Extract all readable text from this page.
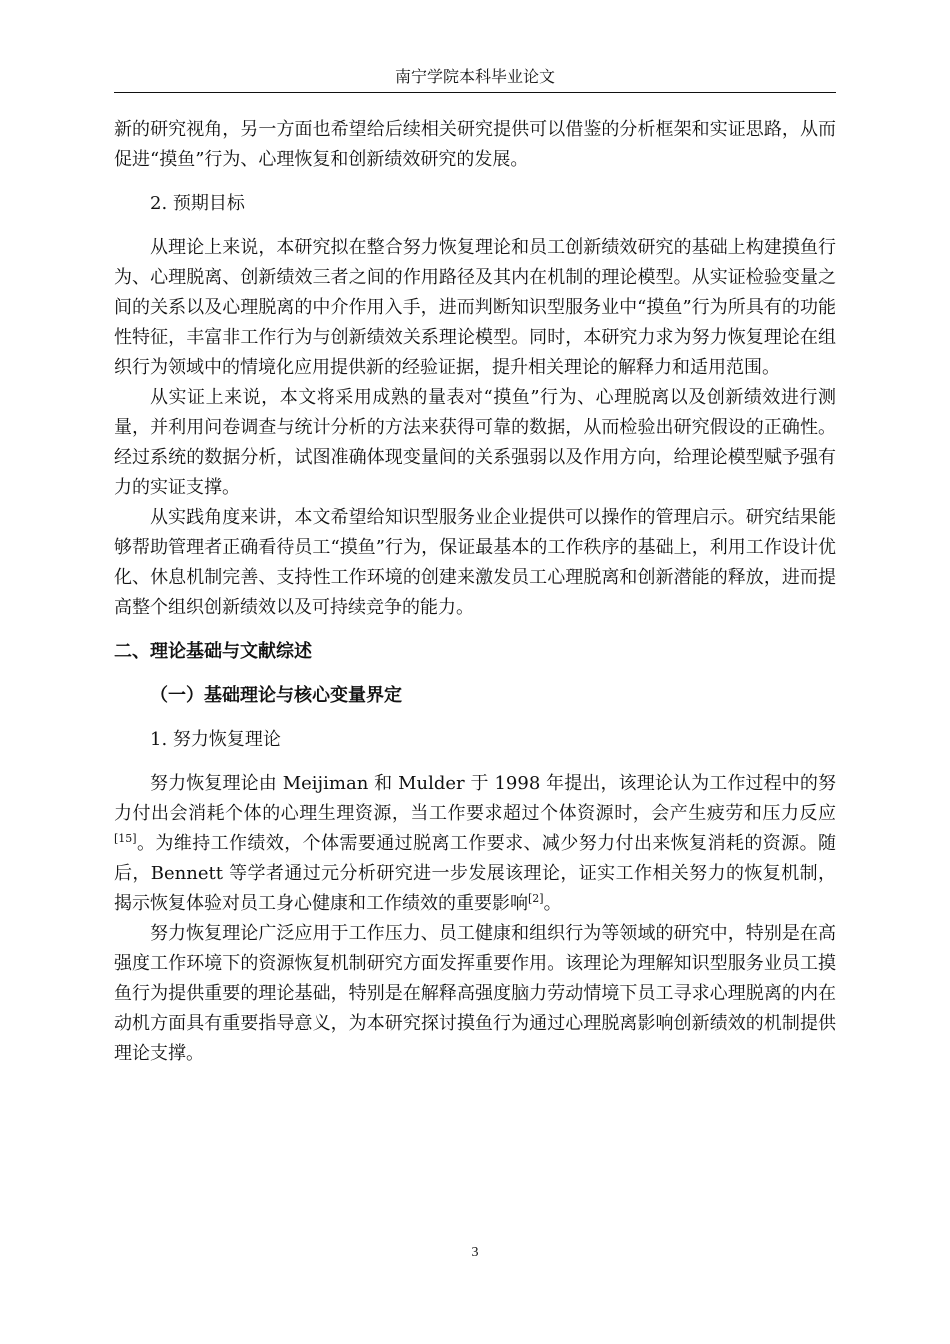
南宁学院本科毕业论文

新的研究视角，另一方面也希望给后续相关研究提供可以借鉴的分析框架和实证思路，从而促进“摸鱼”行为、心理恢复和创新绩效研究的发展。

2. 预期目标

从理论上来说，本研究拟在整合努力恢复理论和员工创新绩效研究的基础上构建摸鱼行为、心理脱离、创新绩效三者之间的作用路径及其内在机制的理论模型。从实证检验变量之间的关系以及心理脱离的中介作用入手，进而判断知识型服务业中“摸鱼”行为所具有的功能性特征，丰富非工作行为与创新绩效关系理论模型。同时，本研究力求为努力恢复理论在组织行为领域中的情境化应用提供新的经验证据，提升相关理论的解释力和适用范围。

从实证上来说，本文将采用成熟的量表对“摸鱼”行为、心理脱离以及创新绩效进行测量，并利用问卷调查与统计分析的方法来获得可靠的数据，从而检验出研究假设的正确性。经过系统的数据分析，试图准确体现变量间的关系强弱以及作用方向，给理论模型赋予强有力的实证支撑。

从实践角度来讲，本文希望给知识型服务业企业提供可以操作的管理启示。研究结果能够帮助管理者正确看待员工“摸鱼”行为，保证最基本的工作秩序的基础上，利用工作设计优化、休息机制完善、支持性工作环境的创建来激发员工心理脱离和创新潜能的释放，进而提高整个组织创新绩效以及可持续竞争的能力。

二、理论基础与文献综述

（一）基础理论与核心变量界定

1. 努力恢复理论

努力恢复理论由 Meijiman 和 Mulder 于 1998 年提出，该理论认为工作过程中的努力付出会消耗个体的心理生理资源，当工作要求超过个体资源时，会产生疲劳和压力反应[15]。为维持工作绩效，个体需要通过脱离工作要求、减少努力付出来恢复消耗的资源。随后，Bennett 等学者通过元分析研究进一步发展该理论，证实工作相关努力的恢复机制，揭示恢复体验对员工身心健康和工作绩效的重要影响[2]。

努力恢复理论广泛应用于工作压力、员工健康和组织行为等领域的研究中，特别是在高强度工作环境下的资源恢复机制研究方面发挥重要作用。该理论为理解知识型服务业员工摸鱼行为提供重要的理论基础，特别是在解释高强度脑力劳动情境下员工寻求心理脱离的内在动机方面具有重要指导意义，为本研究探讨摸鱼行为通过心理脱离影响创新绩效的机制提供理论支撑。

3
